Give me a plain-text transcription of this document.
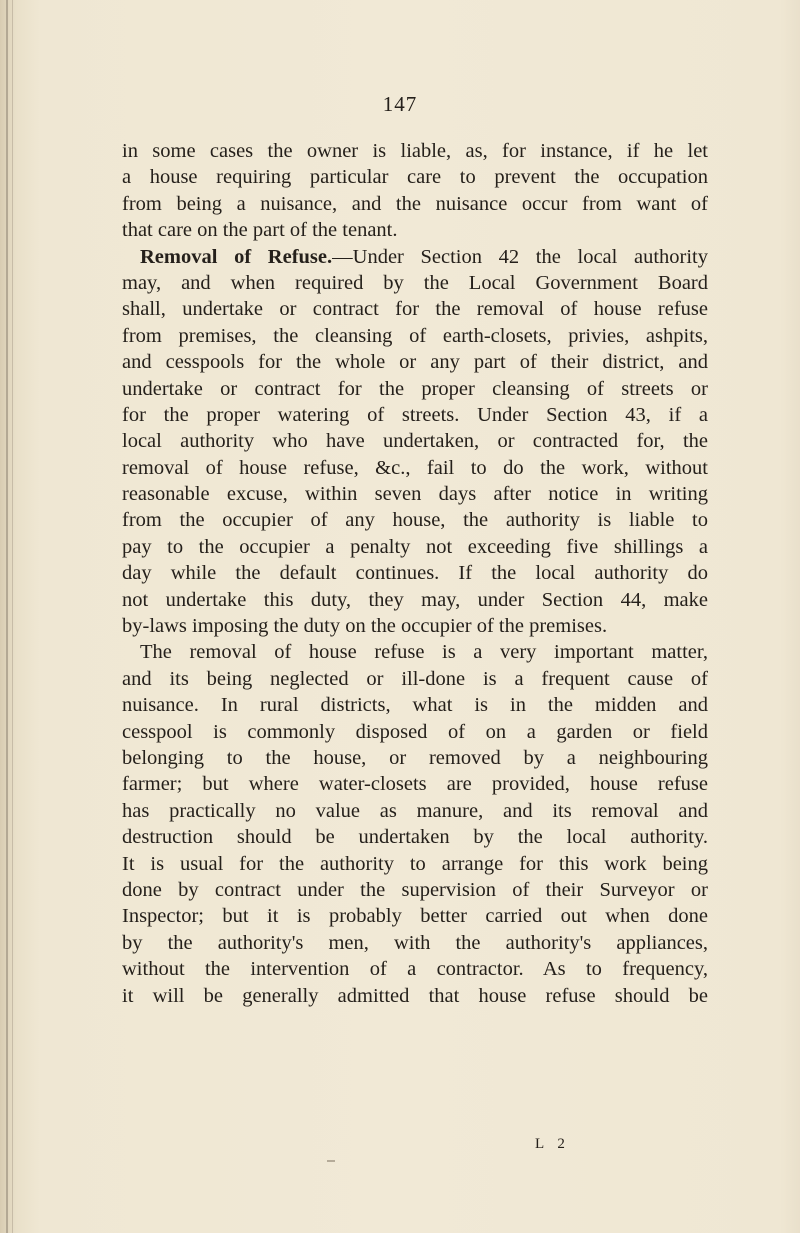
147
in some cases the owner is liable, as, for instance, if he let
a house requiring particular care to prevent the occupation
from being a nuisance, and the nuisance occur from want of
that care on the part of the tenant.
Removal of Refuse.—Under Section 42 the local authority
may, and when required by the Local Government Board
shall, undertake or contract for the removal of house refuse
from premises, the cleansing of earth-closets, privies, ashpits,
and cesspools for the whole or any part of their district, and
undertake or contract for the proper cleansing of streets or
for the proper watering of streets. Under Section 43, if a
local authority who have undertaken, or contracted for, the
removal of house refuse, &c., fail to do the work, without
reasonable excuse, within seven days after notice in writing
from the occupier of any house, the authority is liable to
pay to the occupier a penalty not exceeding five shillings a
day while the default continues. If the local authority do
not undertake this duty, they may, under Section 44, make
by-laws imposing the duty on the occupier of the premises.
The removal of house refuse is a very important matter,
and its being neglected or ill-done is a frequent cause of
nuisance. In rural districts, what is in the midden and
cesspool is commonly disposed of on a garden or field
belonging to the house, or removed by a neighbouring
farmer; but where water-closets are provided, house refuse
has practically no value as manure, and its removal and
destruction should be undertaken by the local authority.
It is usual for the authority to arrange for this work being
done by contract under the supervision of their Surveyor or
Inspector; but it is probably better carried out when done
by the authority's men, with the authority's appliances,
without the intervention of a contractor. As to frequency,
it will be generally admitted that house refuse should be
L 2
